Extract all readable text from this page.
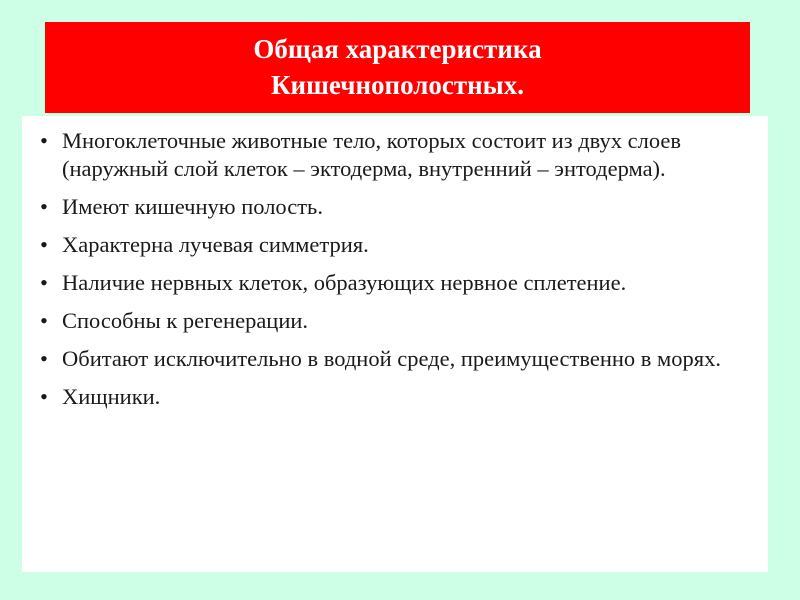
Общая характеристика
Кишечнополостных.
• Многоклеточные животные тело, которых состоит из двух слоев (наружный слой клеток – эктодерма, внутренний – энтодерма).
• Имеют кишечную полость.
• Характерна лучевая симметрия.
• Наличие нервных клеток, образующих нервное сплетение.
• Способны к регенерации.
• Обитают исключительно в водной среде, преимущественно в морях.
• Хищники.
